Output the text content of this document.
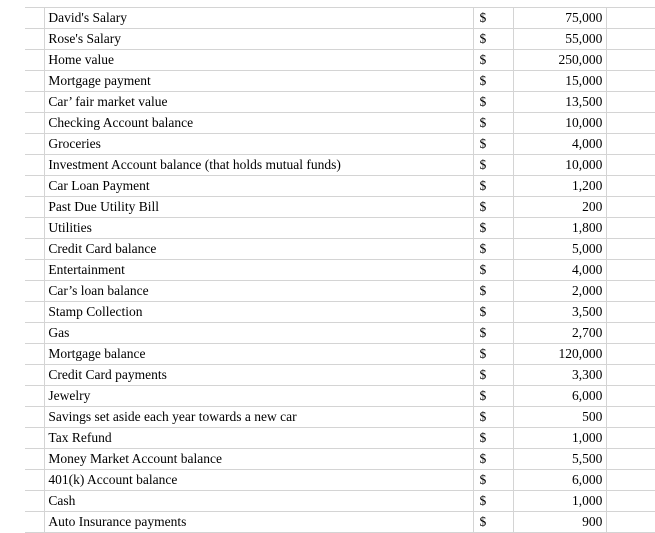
	David's Salary	$	75,000	
	Rose's Salary	$	55,000	
	Home value	$	250,000	
	Mortgage payment	$	15,000	
	Car’ fair market value	$	13,500	
	Checking Account balance	$	10,000	
	Groceries	$	4,000	
	Investment Account balance (that holds mutual funds)	$	10,000	
	Car Loan Payment	$	1,200	
	Past Due Utility Bill	$	200	
	Utilities	$	1,800	
	Credit Card balance	$	5,000	
	Entertainment	$	4,000	
	Car’s loan balance	$	2,000	
	Stamp Collection	$	3,500	
	Gas	$	2,700	
	Mortgage balance	$	120,000	
	Credit Card payments	$	3,300	
	Jewelry	$	6,000	
	Savings set aside each year towards a new car	$	500	
	Tax Refund	$	1,000	
	Money Market Account balance	$	5,500	
	401(k) Account balance	$	6,000	
	Cash	$	1,000	
	Auto Insurance payments	$	900	
